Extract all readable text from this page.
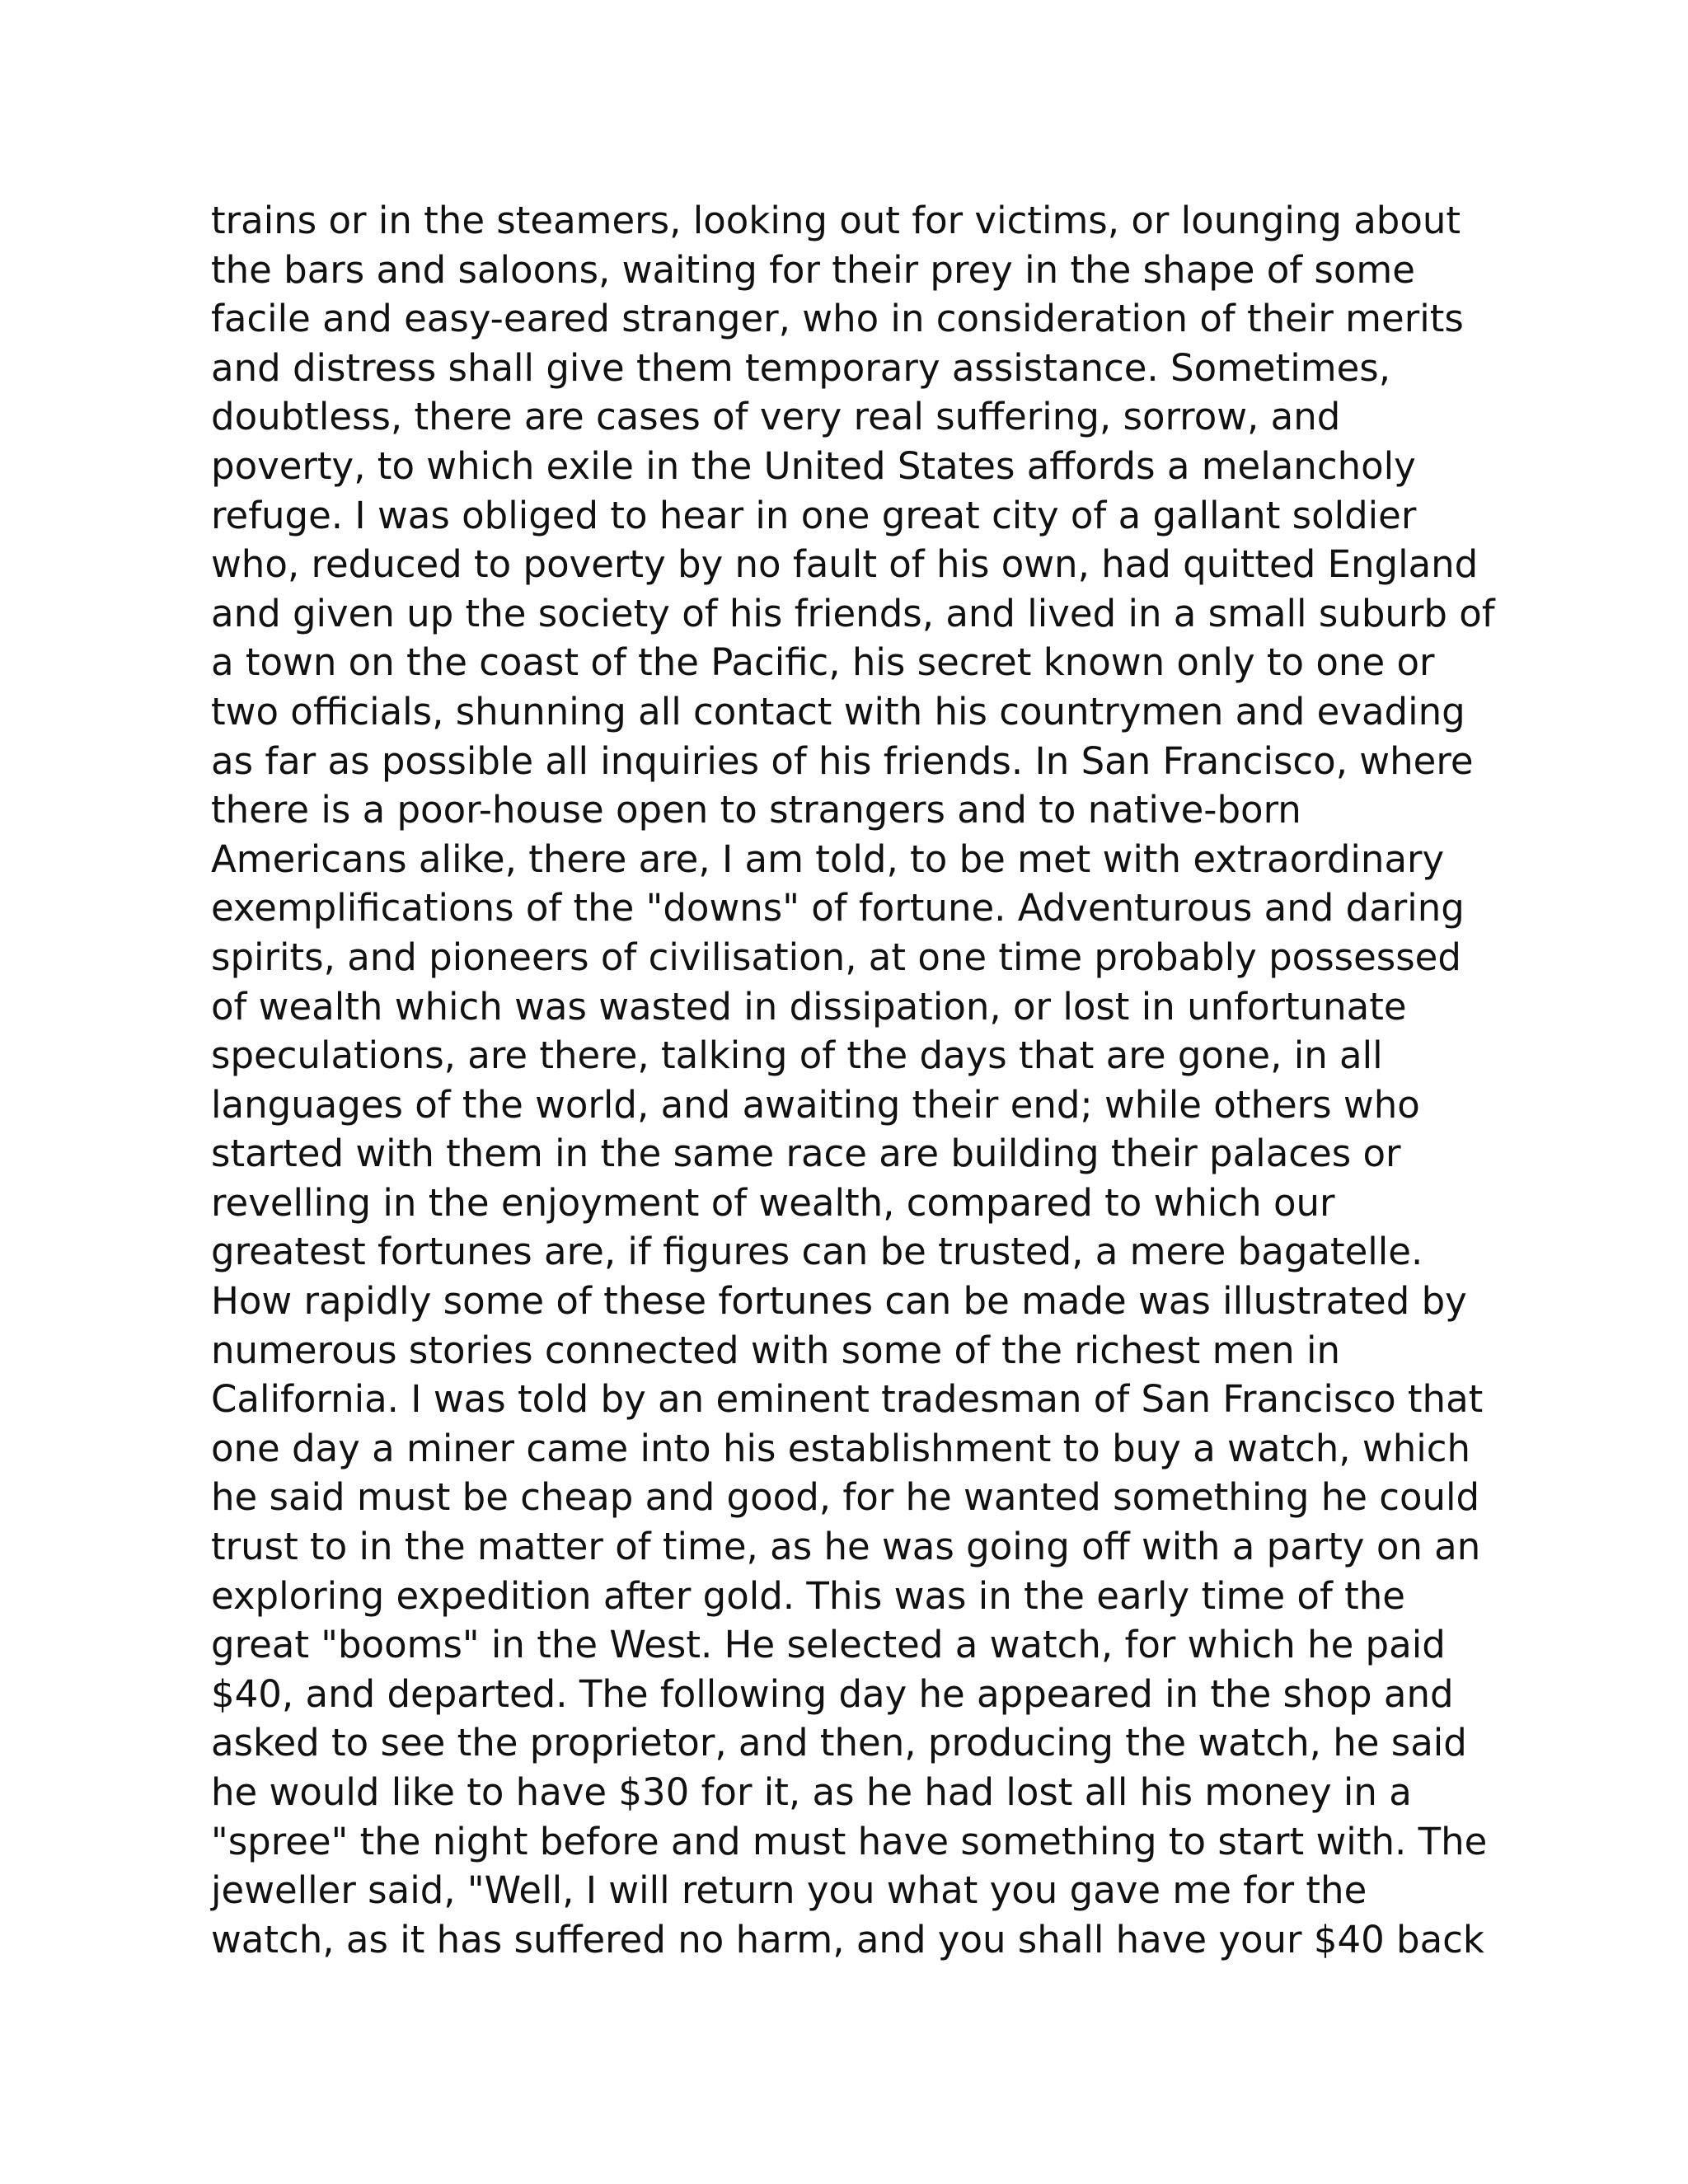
trains or in the steamers, looking out for victims, or lounging about
the bars and saloons, waiting for their prey in the shape of some
facile and easy-eared stranger, who in consideration of their merits
and distress shall give them temporary assistance. Sometimes,
doubtless, there are cases of very real suffering, sorrow, and
poverty, to which exile in the United States affords a melancholy
refuge. I was obliged to hear in one great city of a gallant soldier
who, reduced to poverty by no fault of his own, had quitted England
and given up the society of his friends, and lived in a small suburb of
a town on the coast of the Pacific, his secret known only to one or
two officials, shunning all contact with his countrymen and evading
as far as possible all inquiries of his friends. In San Francisco, where
there is a poor-house open to strangers and to native-born
Americans alike, there are, I am told, to be met with extraordinary
exemplifications of the "downs" of fortune. Adventurous and daring
spirits, and pioneers of civilisation, at one time probably possessed
of wealth which was wasted in dissipation, or lost in unfortunate
speculations, are there, talking of the days that are gone, in all
languages of the world, and awaiting their end; while others who
started with them in the same race are building their palaces or
revelling in the enjoyment of wealth, compared to which our
greatest fortunes are, if figures can be trusted, a mere bagatelle.
How rapidly some of these fortunes can be made was illustrated by
numerous stories connected with some of the richest men in
California. I was told by an eminent tradesman of San Francisco that
one day a miner came into his establishment to buy a watch, which
he said must be cheap and good, for he wanted something he could
trust to in the matter of time, as he was going off with a party on an
exploring expedition after gold. This was in the early time of the
great "booms" in the West. He selected a watch, for which he paid
$40, and departed. The following day he appeared in the shop and
asked to see the proprietor, and then, producing the watch, he said
he would like to have $30 for it, as he had lost all his money in a
"spree" the night before and must have something to start with. The
jeweller said, "Well, I will return you what you gave me for the
watch, as it has suffered no harm, and you shall have your $40 back
